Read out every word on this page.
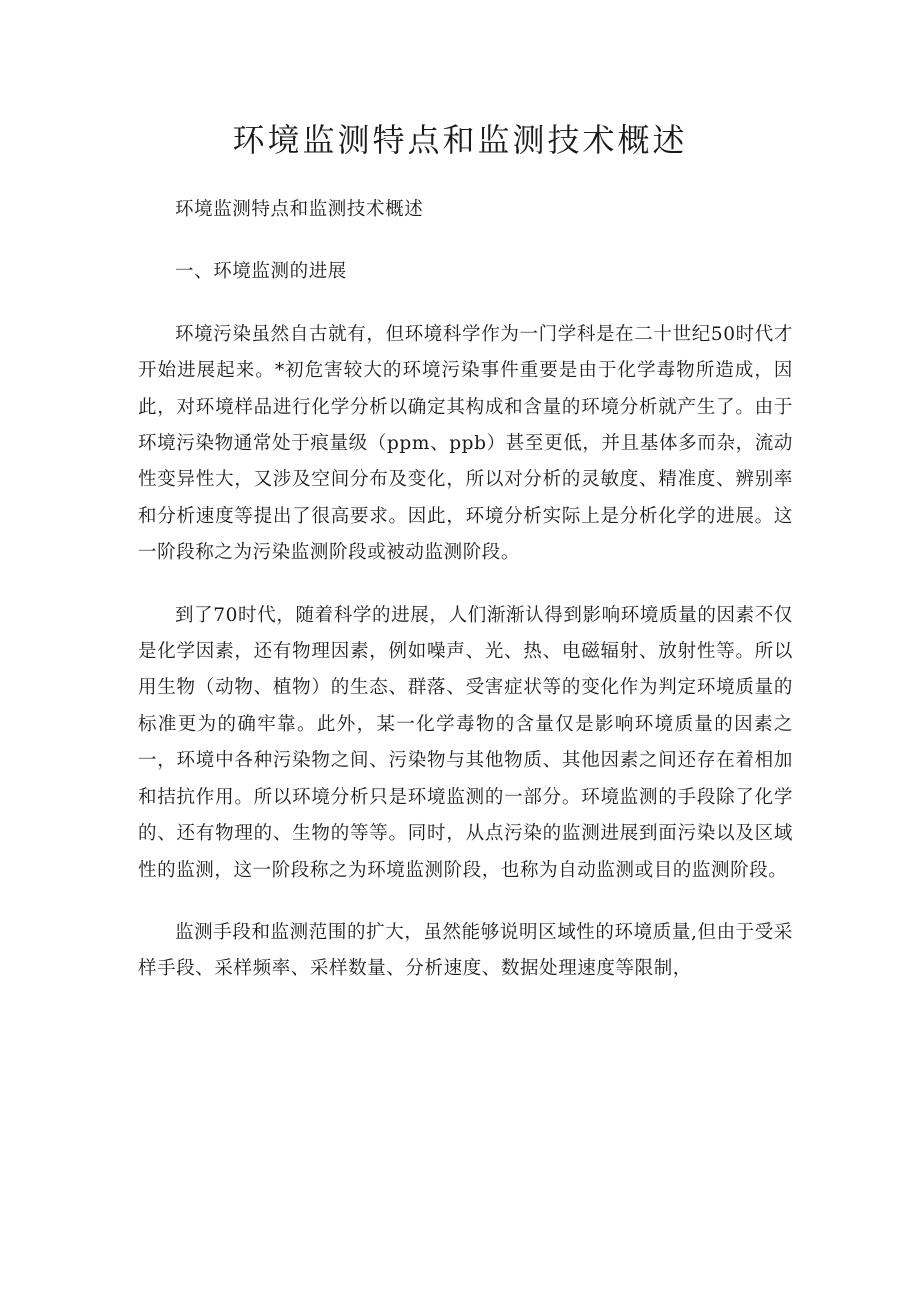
环境监测特点和监测技术概述

环境监测特点和监测技术概述

一、环境监测的进展

环境污染虽然自古就有，但环境科学作为一门学科是在二十世纪50时代才开始进展起来。*初危害较大的环境污染事件重要是由于化学毒物所造成，因此，对环境样品进行化学分析以确定其构成和含量的环境分析就产生了。由于环境污染物通常处于痕量级（ppm、ppb）甚至更低，并且基体多而杂，流动性变异性大，又涉及空间分布及变化，所以对分析的灵敏度、精准度、辨别率和分析速度等提出了很高要求。因此，环境分析实际上是分析化学的进展。这一阶段称之为污染监测阶段或被动监测阶段。

到了70时代，随着科学的进展，人们渐渐认得到影响环境质量的因素不仅是化学因素，还有物理因素，例如噪声、光、热、电磁辐射、放射性等。所以用生物（动物、植物）的生态、群落、受害症状等的变化作为判定环境质量的标准更为的确牢靠。此外，某一化学毒物的含量仅是影响环境质量的因素之一，环境中各种污染物之间、污染物与其他物质、其他因素之间还存在着相加和拮抗作用。所以环境分析只是环境监测的一部分。环境监测的手段除了化学的、还有物理的、生物的等等。同时，从点污染的监测进展到面污染以及区域性的监测，这一阶段称之为环境监测阶段，也称为自动监测或目的监测阶段。

监测手段和监测范围的扩大，虽然能够说明区域性的环境质量,但由于受采样手段、采样频率、采样数量、分析速度、数据处理速度等限制，
